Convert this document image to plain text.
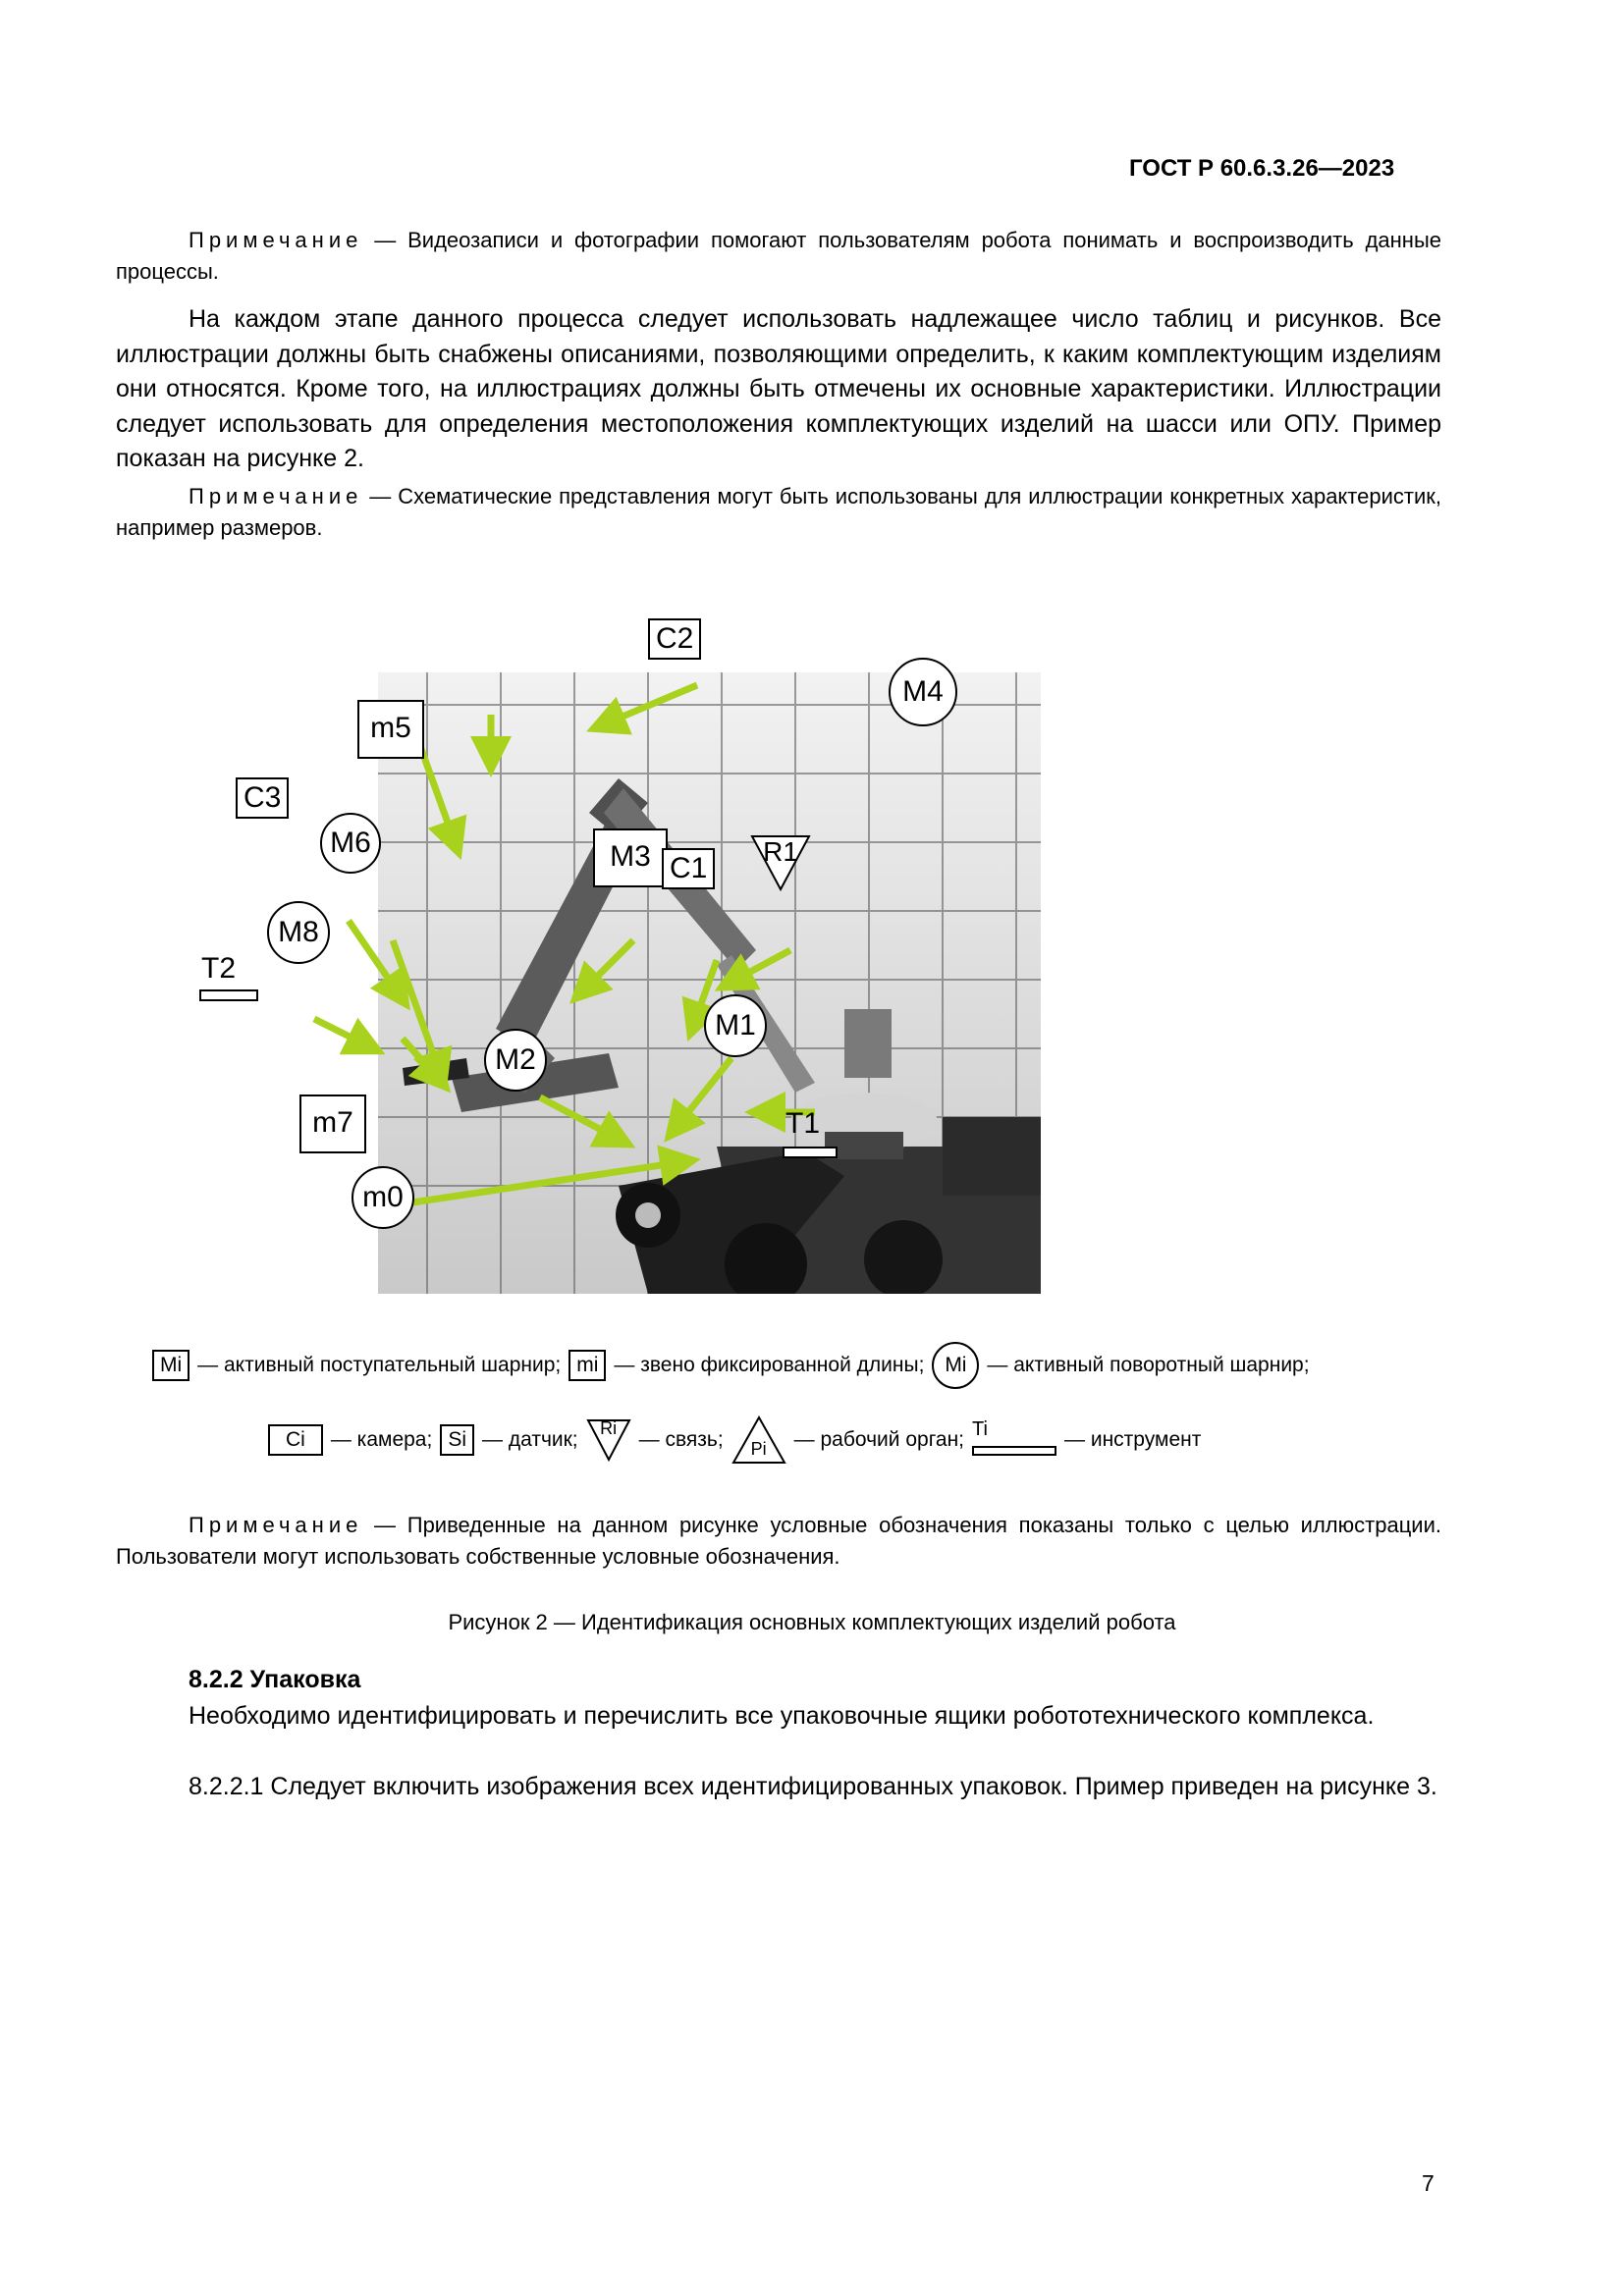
ГОСТ Р 60.6.3.26—2023
Примечание — Видеозаписи и фотографии помогают пользователям робота понимать и воспроизводить данные процессы.
На каждом этапе данного процесса следует использовать надлежащее число таблиц и рисунков. Все иллюстрации должны быть снабжены описаниями, позволяющими определить, к каким комплектующим изделиям они относятся. Кроме того, на иллюстрациях должны быть отмечены их основные характеристики. Иллюстрации следует использовать для определения местоположения комплектующих изделий на шасси или ОПУ. Пример показан на рисунке 2.
Примечание — Схематические представления могут быть использованы для иллюстрации конкретных характеристик, например размеров.
C2
M4
m5
C3
M6	M3 C1
R1
M8
T2
M1
M2
m7	T1
m0
Mi — активный поступательный шарнир; mi — звено фиксированной длины; Mi — активный поворотный шарнир;
Ci	— камера; Si — датчик;	Ri	— связь;	Pi	— рабочий орган; Ti	— инструмент
Примечание — Приведенные на данном рисунке условные обозначения показаны только с целью иллюстрации. Пользователи могут использовать собственные условные обозначения.
Рисунок 2 — Идентификация основных комплектующих изделий робота
8.2.2 Упаковка
Необходимо идентифицировать и перечислить все упаковочные ящики робототехнического комплекса.
8.2.2.1 Следует включить изображения всех идентифицированных упаковок. Пример приведен на рисунке 3.
7
